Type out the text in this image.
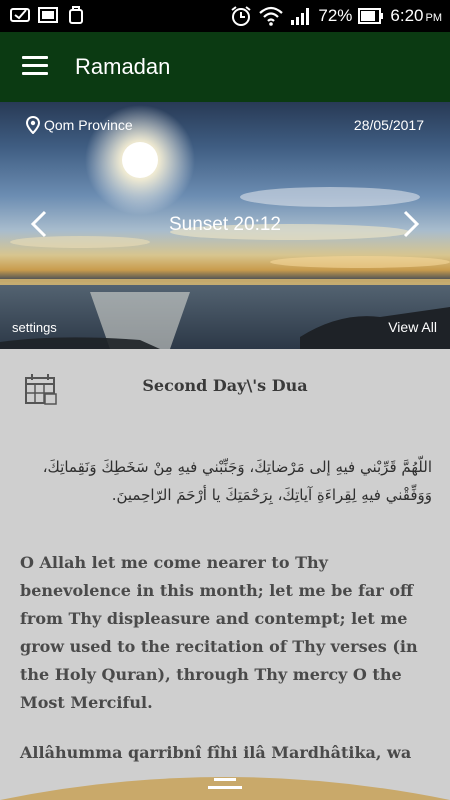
72% 6:20 PM
Ramadan
Qom Province	28/05/2017
Sunset 20:12
settings	View All
Second Day\'s Dua
اللّهُمَّ قَرِّبْني فيهِ إلى مَرْضاتِكَ، وَجَنِّبْني فيهِ مِنْ سَخَطِكَ وَنَقِماتِكَ، وَوَفِّقْني فيهِ لِقِراءَةِ آياتِكَ، بِرَحْمَتِكَ يا أرْحَمَ الرّاحِمينَ.
O Allah let me come nearer to Thy benevolence in this month; let me be far off from Thy displeasure and contempt; let me grow used to the recitation of Thy verses (in the Holy Quran), through Thy mercy O the Most Merciful.
Allâhumma qarribnî fîhi ilâ Mardhâtika, wa
